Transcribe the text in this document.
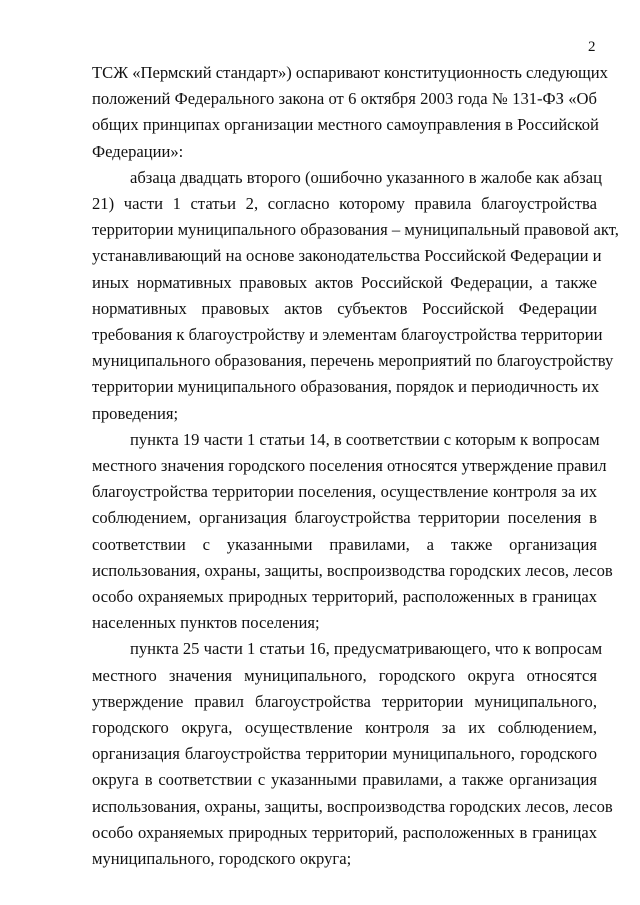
2
ТСЖ «Пермский стандарт») оспаривают конституционность следующих
положений Федерального закона от 6 октября 2003 года № 131-ФЗ «Об
общих принципах организации местного самоуправления в Российской
Федерации»:
абзаца двадцать второго (ошибочно указанного в жалобе как абзац
21) части 1 статьи 2, согласно которому правила благоустройства
территории муниципального образования – муниципальный правовой акт,
устанавливающий на основе законодательства Российской Федерации и
иных нормативных правовых актов Российской Федерации, а также
нормативных правовых актов субъектов Российской Федерации
требования к благоустройству и элементам благоустройства территории
муниципального образования, перечень мероприятий по благоустройству
территории муниципального образования, порядок и периодичность их
проведения;
пункта 19 части 1 статьи 14, в соответствии с которым к вопросам
местного значения городского поселения относятся утверждение правил
благоустройства территории поселения, осуществление контроля за их
соблюдением, организация благоустройства территории поселения в
соответствии с указанными правилами, а также организация
использования, охраны, защиты, воспроизводства городских лесов, лесов
особо охраняемых природных территорий, расположенных в границах
населенных пунктов поселения;
пункта 25 части 1 статьи 16, предусматривающего, что к вопросам
местного значения муниципального, городского округа относятся
утверждение правил благоустройства территории муниципального,
городского округа, осуществление контроля за их соблюдением,
организация благоустройства территории муниципального, городского
округа в соответствии с указанными правилами, а также организация
использования, охраны, защиты, воспроизводства городских лесов, лесов
особо охраняемых природных территорий, расположенных в границах
муниципального, городского округа;
